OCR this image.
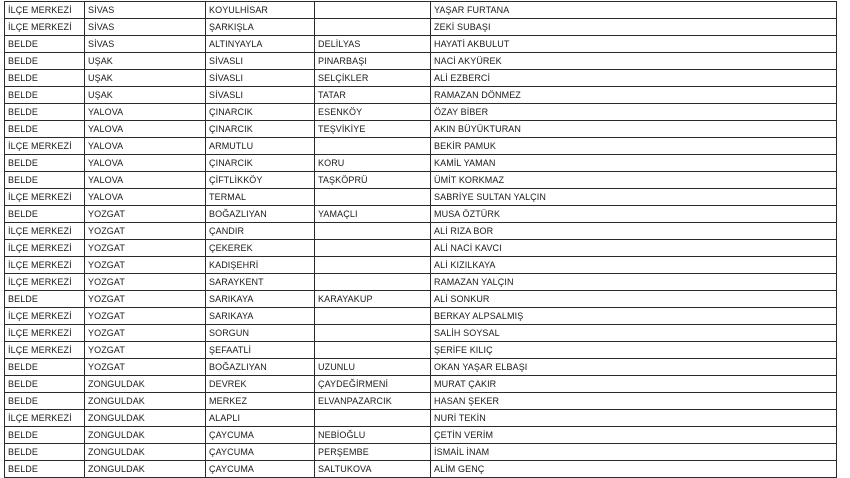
İLÇE MERKEZİ	SİVAS	KOYULHİSAR		YAŞAR FURTANA
İLÇE MERKEZİ	SİVAS	ŞARKIŞLA		ZEKİ SUBAŞI
BELDE	SİVAS	ALTINYAYLA	DELİLYAS	HAYATİ AKBULUT
BELDE	UŞAK	SİVASLI	PINARBAŞI	NACİ AKYÜREK
BELDE	UŞAK	SİVASLI	SELÇİKLER	ALİ EZBERCİ
BELDE	UŞAK	SİVASLI	TATAR	RAMAZAN DÖNMEZ
BELDE	YALOVA	ÇINARCIK	ESENKÖY	ÖZAY BİBER
BELDE	YALOVA	ÇINARCIK	TEŞVİKİYE	AKIN BÜYÜKTURAN
İLÇE MERKEZİ	YALOVA	ARMUTLU		BEKİR PAMUK
BELDE	YALOVA	ÇINARCIK	KORU	KAMİL YAMAN
BELDE	YALOVA	ÇİFTLİKKÖY	TAŞKÖPRÜ	ÜMİT KORKMAZ
İLÇE MERKEZİ	YALOVA	TERMAL		SABRİYE SULTAN YALÇIN
BELDE	YOZGAT	BOĞAZLIYAN	YAMAÇLI	MUSA ÖZTÜRK
İLÇE MERKEZİ	YOZGAT	ÇANDIR		ALİ RIZA BOR
İLÇE MERKEZİ	YOZGAT	ÇEKEREK		ALİ NACİ KAVCI
İLÇE MERKEZİ	YOZGAT	KADIŞEHRİ		ALİ KIZILKAYA
İLÇE MERKEZİ	YOZGAT	SARAYKENT		RAMAZAN YALÇIN
BELDE	YOZGAT	SARIKAYA	KARAYAKUP	ALİ SONKUR
İLÇE MERKEZİ	YOZGAT	SARIKAYA		BERKAY ALPSALMIŞ
İLÇE MERKEZİ	YOZGAT	SORGUN		SALİH SOYSAL
İLÇE MERKEZİ	YOZGAT	ŞEFAATLİ		ŞERİFE KILIÇ
BELDE	YOZGAT	BOĞAZLIYAN	UZUNLU	OKAN YAŞAR ELBAŞI
BELDE	ZONGULDAK	DEVREK	ÇAYDEĞİRMENİ	MURAT ÇAKIR
BELDE	ZONGULDAK	MERKEZ	ELVANPAZARCIK	HASAN ŞEKER
İLÇE MERKEZİ	ZONGULDAK	ALAPLI		NURİ TEKİN
BELDE	ZONGULDAK	ÇAYCUMA	NEBİOĞLU	ÇETİN VERİM
BELDE	ZONGULDAK	ÇAYCUMA	PERŞEMBE	İSMAİL İNAM
BELDE	ZONGULDAK	ÇAYCUMA	SALTUKOVA	ALİM GENÇ
